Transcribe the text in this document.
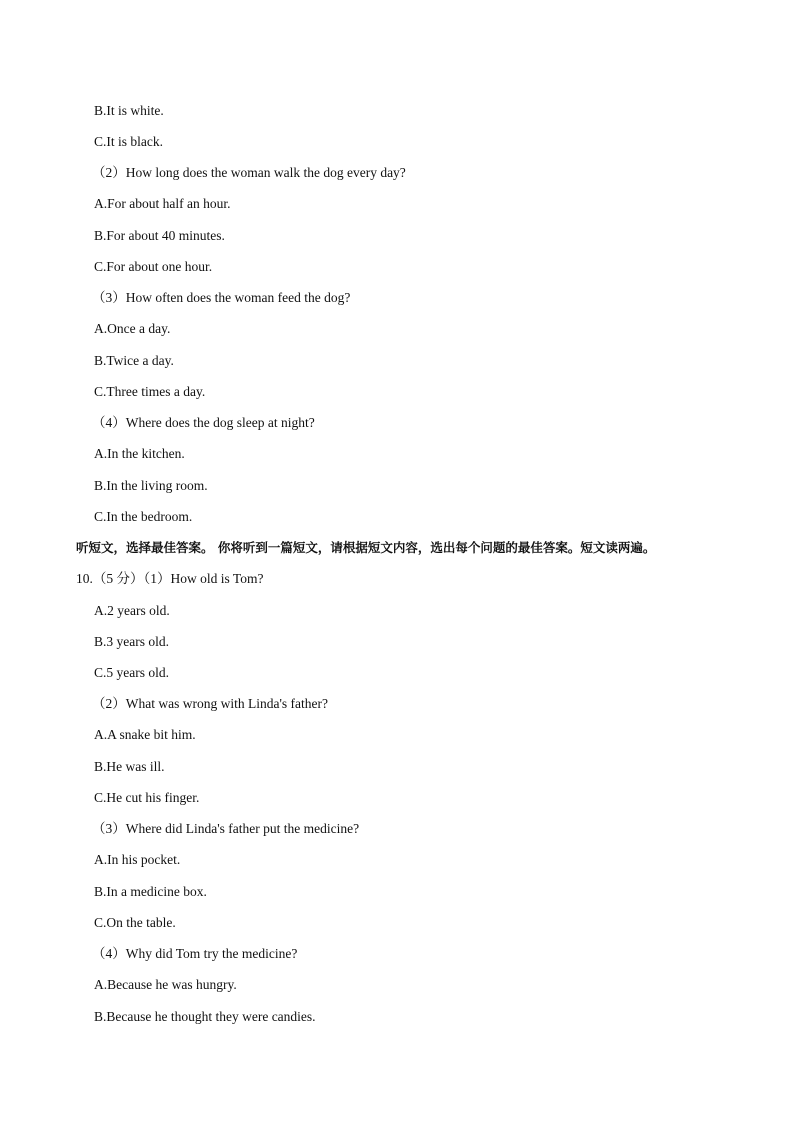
B.It is white.
C.It is black.
（2）How long does the woman walk the dog every day?
A.For about half an hour.
B.For about 40 minutes.
C.For about one hour.
（3）How often does the woman feed the dog?
A.Once a day.
B.Twice a day.
C.Three times a day.
（4）Where does the dog sleep at night?
A.In the kitchen.
B.In the living room.
C.In the bedroom.
听短文，选择最佳答案。 你将听到一篇短文，请根据短文内容，选出每个问题的最佳答案。短文读两遍。
10.（5 分）（1）How old is Tom?
A.2 years old.
B.3 years old.
C.5 years old.
（2）What was wrong with Linda's father?
A.A snake bit him.
B.He was ill.
C.He cut his finger.
（3）Where did Linda's father put the medicine?
A.In his pocket.
B.In a medicine box.
C.On the table.
（4）Why did Tom try the medicine?
A.Because he was hungry.
B.Because he thought they were candies.
